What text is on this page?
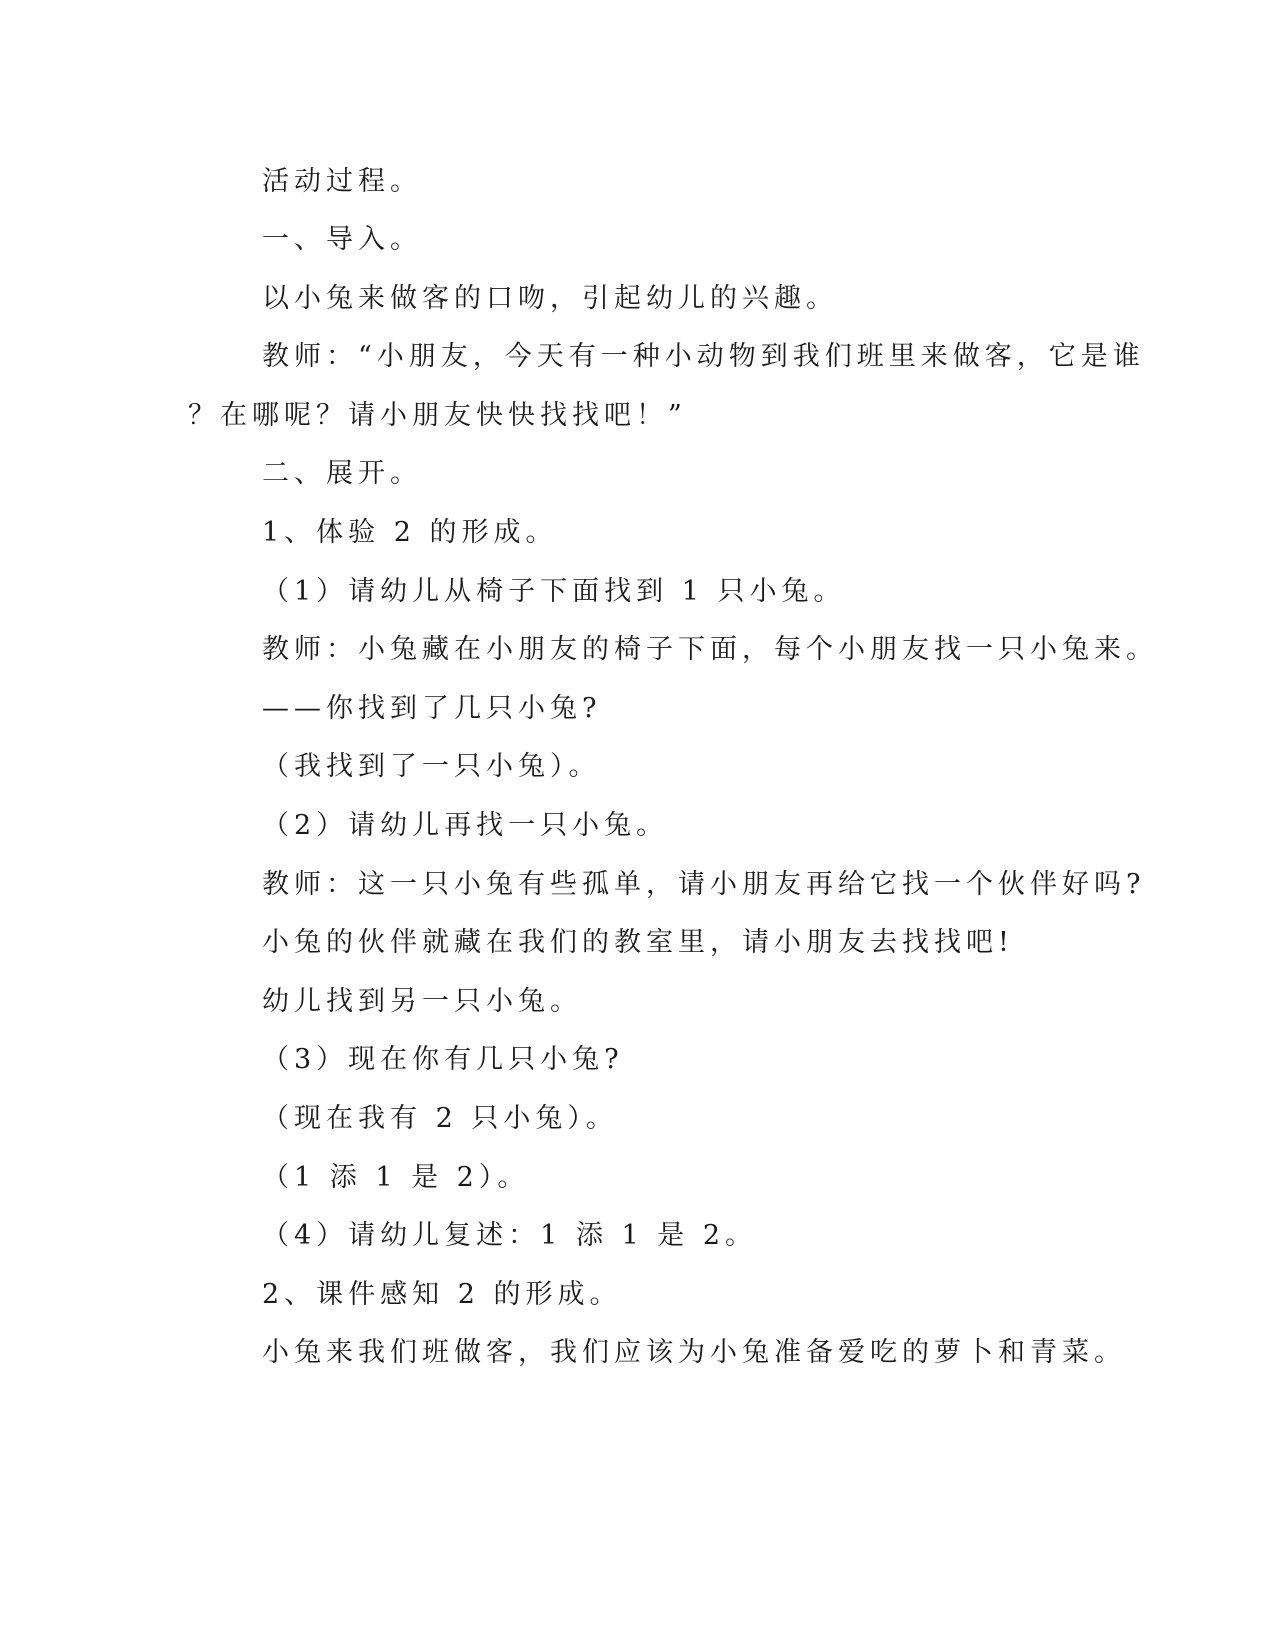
活动过程。

一、导入。

以小兔来做客的口吻，引起幼儿的兴趣。

教师：“小朋友，今天有一种小动物到我们班里来做客，它是谁

？在哪呢？请小朋友快快找找吧！”

二、展开。

1、体验 2 的形成。

（1）请幼儿从椅子下面找到 1 只小兔。

教师：小兔藏在小朋友的椅子下面，每个小朋友找一只小兔来。

——你找到了几只小兔?

（我找到了一只小兔）。

（2）请幼儿再找一只小兔。

教师：这一只小兔有些孤单，请小朋友再给它找一个伙伴好吗?

小兔的伙伴就藏在我们的教室里，请小朋友去找找吧!

幼儿找到另一只小兔。

（3）现在你有几只小兔?

（现在我有 2 只小兔）。

（1 添 1 是 2）。

（4）请幼儿复述：1 添 1 是 2。

2、课件感知 2 的形成。

小兔来我们班做客，我们应该为小兔准备爱吃的萝卜和青菜。
